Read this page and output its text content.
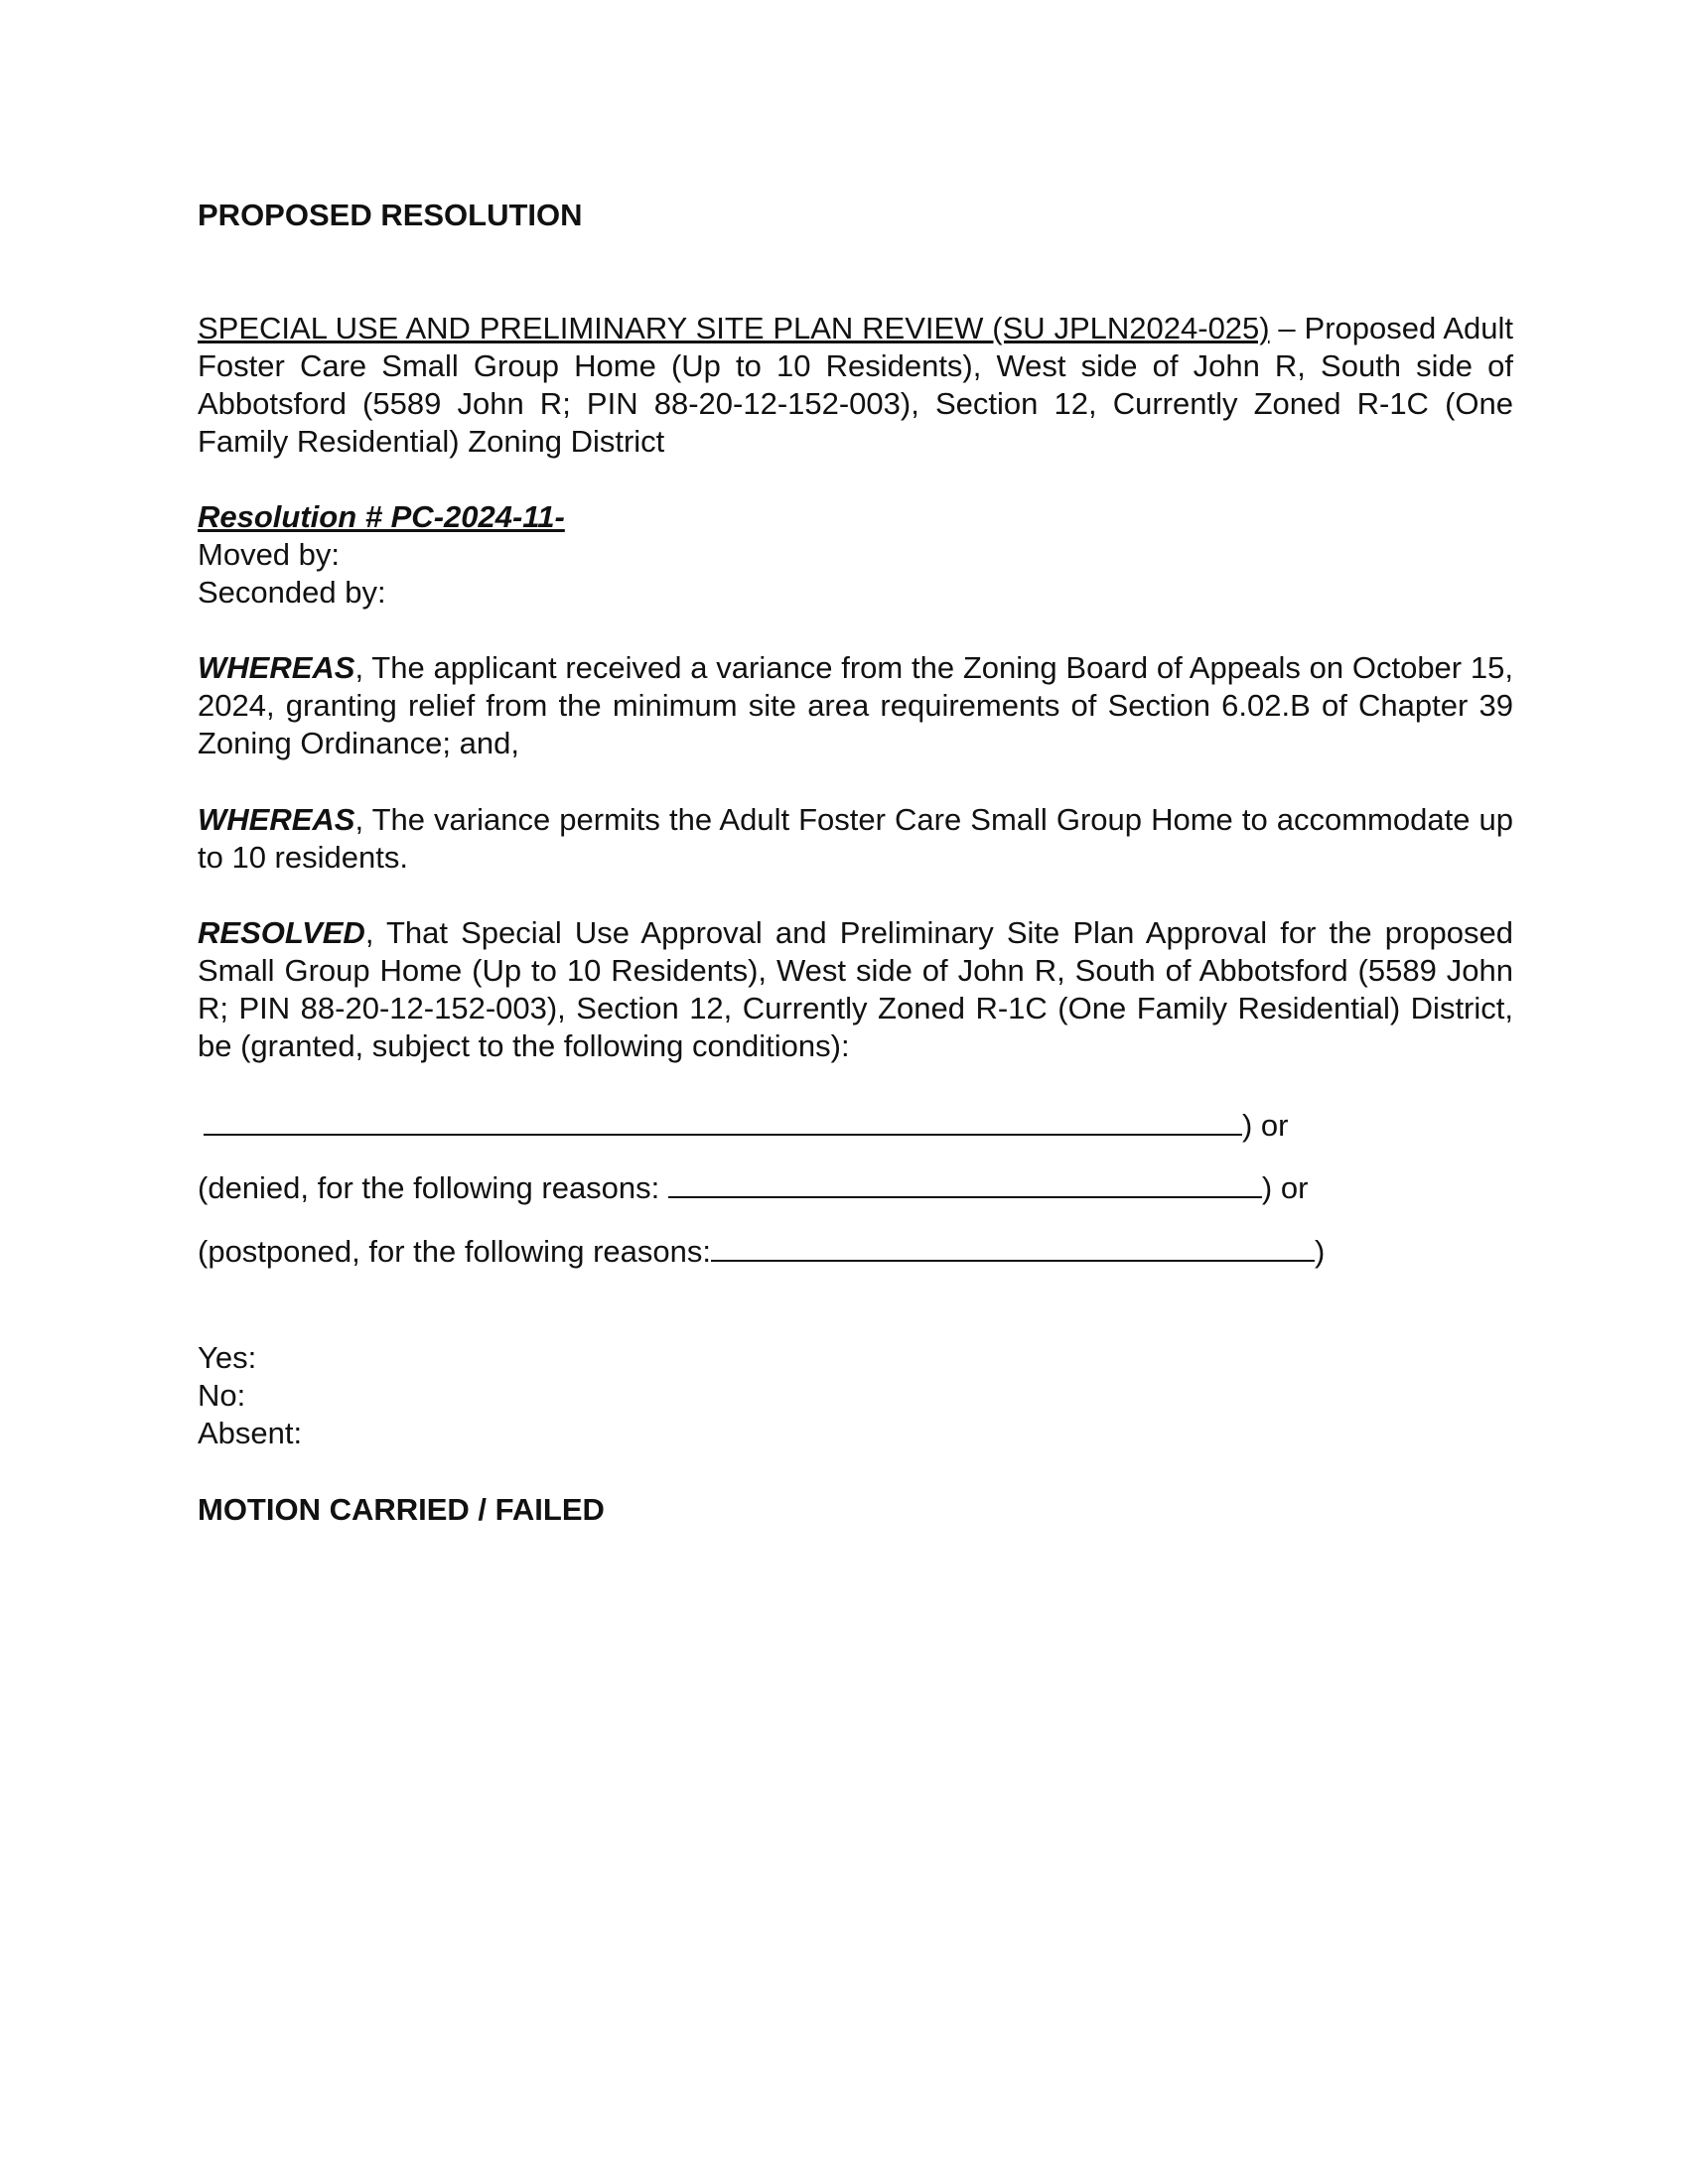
PROPOSED RESOLUTION
SPECIAL USE AND PRELIMINARY SITE PLAN REVIEW (SU JPLN2024-025) – Proposed Adult Foster Care Small Group Home (Up to 10 Residents), West side of John R, South side of Abbotsford (5589 John R; PIN 88-20-12-152-003), Section 12, Currently Zoned R-1C (One Family Residential) Zoning District
Resolution # PC-2024-11-
Moved by:
Seconded by:
WHEREAS, The applicant received a variance from the Zoning Board of Appeals on October 15, 2024, granting relief from the minimum site area requirements of Section 6.02.B of Chapter 39 Zoning Ordinance; and,
WHEREAS, The variance permits the Adult Foster Care Small Group Home to accommodate up to 10 residents.
RESOLVED, That Special Use Approval and Preliminary Site Plan Approval for the proposed Small Group Home (Up to 10 Residents), West side of John R, South of Abbotsford (5589 John R; PIN 88-20-12-152-003), Section 12, Currently Zoned R-1C (One Family Residential) District, be (granted, subject to the following conditions):
) or
(denied, for the following reasons:	) or
(postponed, for the following reasons:	)
Yes:
No:
Absent:
MOTION CARRIED / FAILED
